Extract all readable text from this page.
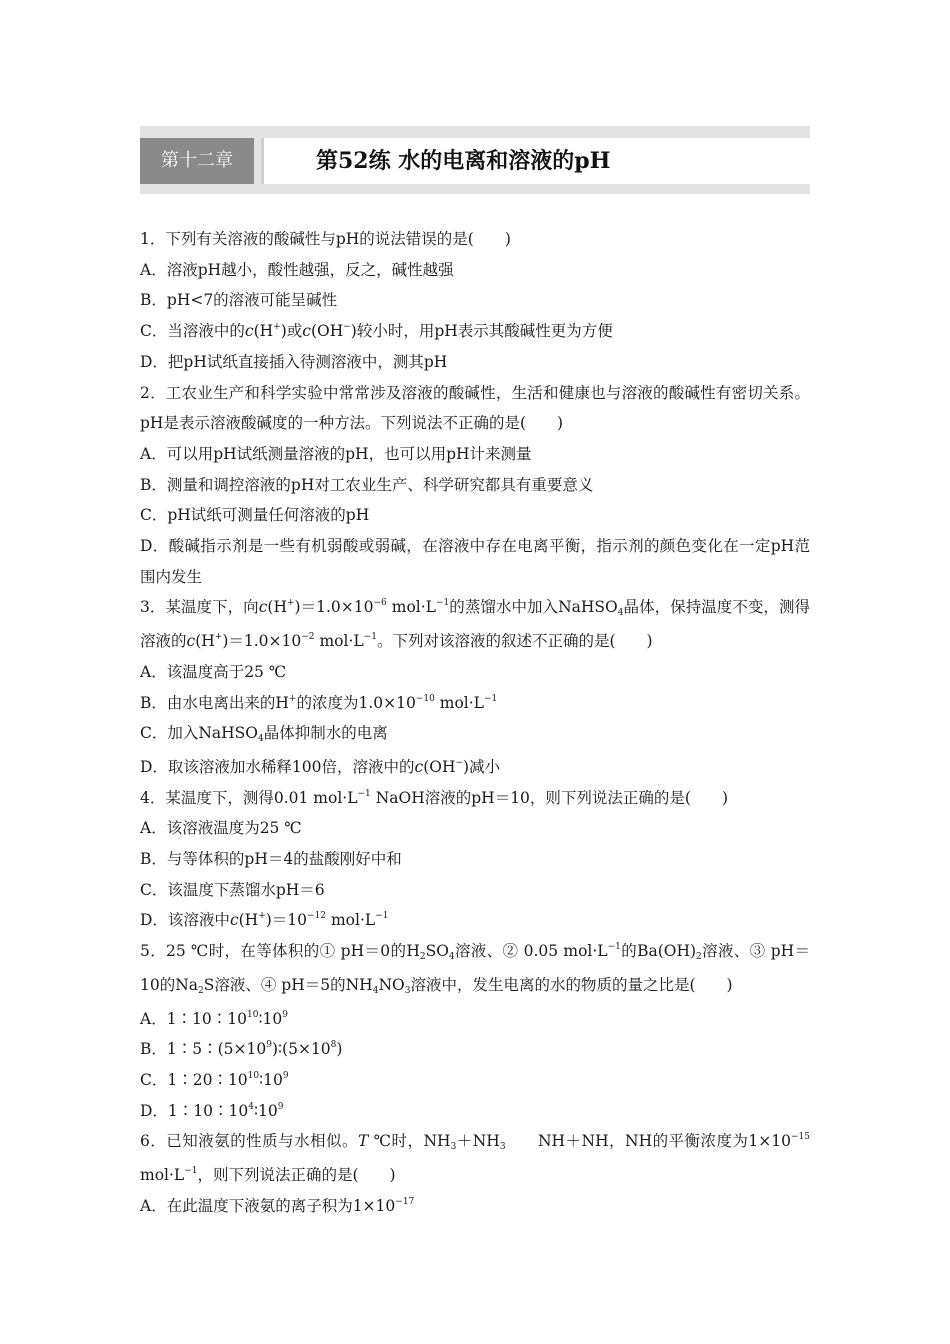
第十二章	第52练 水的电离和溶液的pH

1．下列有关溶液的酸碱性与pH的说法错误的是(　　)

A．溶液pH越小，酸性越强，反之，碱性越强

B．pH<7的溶液可能呈碱性

C．当溶液中的c(H+)或c(OH−)较小时，用pH表示其酸碱性更为方便

D．把pH试纸直接插入待测溶液中，测其pH

2．工农业生产和科学实验中常常涉及溶液的酸碱性，生活和健康也与溶液的酸碱性有密切关系。pH是表示溶液酸碱度的一种方法。下列说法不正确的是(　　)

A．可以用pH试纸测量溶液的pH，也可以用pH计来测量

B．测量和调控溶液的pH对工农业生产、科学研究都具有重要意义

C．pH试纸可测量任何溶液的pH

D．酸碱指示剂是一些有机弱酸或弱碱，在溶液中存在电离平衡，指示剂的颜色变化在一定pH范围内发生

3．某温度下，向$c(H^+)=1.0\times 10^{-6}$ $mol\cdot L^{-1}$的蒸馏水中加入NaHSO$_4$晶体，保持温度不变，测得溶液的$c(H^+)=1.0\times 10^{-2}$ $mol\cdot L^{-1}$。下列对该溶液的叙述不正确的是(　　)

A．该温度高于25 ℃

B．由水电离出来的H+的浓度为$1.0\times 10^{-10}$ $mol\cdot L^{-1}$

C．加入NaHSO$_4$晶体抑制水的电离

D．取该溶液加水稀释100倍，溶液中的c(OH−)减小

4．某温度下，测得0.01 $mol\cdot L^{-1}$ NaOH溶液的pH＝10，则下列说法正确的是(　　)

A．该溶液温度为25 ℃

B．与等体积的pH＝4的盐酸刚好中和

C．该温度下蒸馏水pH＝6

D．该溶液中$c(H^+)=10^{-12}$ $mol\cdot L^{-1}$

5．25 ℃时，在等体积的① pH＝0的$H_2SO_4$溶液、② 0.05 $mol\cdot L^{-1}$的$Ba(OH)_2$溶液、③ pH＝10的$Na_2S$溶液、④ pH＝5的$NH_4NO_3$溶液中，发生电离的水的物质的量之比是(　　)

A．$1∶10∶10^{10}∶10^9$

B．$1∶5∶(5\times 10^9)∶(5\times 10^8)$

C．$1∶20∶10^{10}∶10^9$

D．$1∶10∶10^4∶10^9$

6．已知液氨的性质与水相似。T ℃时，$NH_3+NH_3$　　NH＋NH，NH的平衡浓度为$1\times 10^{-15}$ $mol\cdot L^{-1}$，则下列说法正确的是(　　)

A．在此温度下液氨的离子积为$1\times 10^{-17}$
